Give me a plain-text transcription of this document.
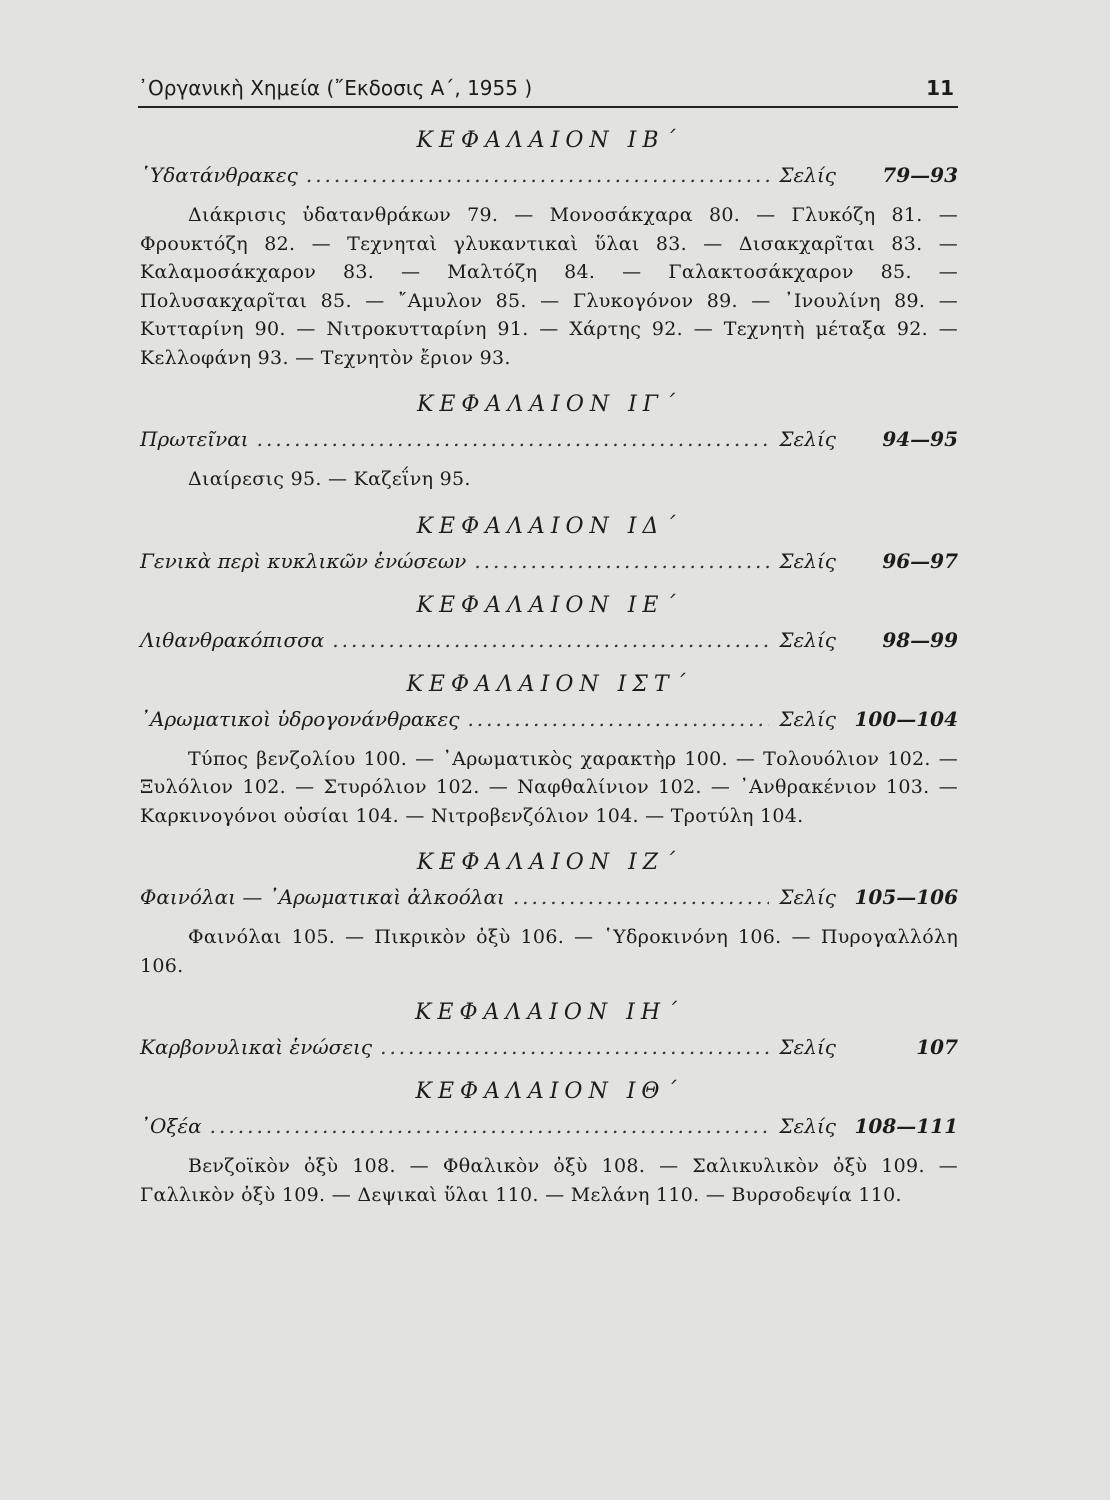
᾿Οργανικὴ Χημεία (῎Εκδοσις Α΄, 1955 )	11

ΚΕΦΑΛΑΙΟΝ ΙΒ΄

῾Υδατάνθρακες .....	Σελίς	79—93

Διάκρισις ὑδατανθράκων 79. — Μονοσάκχαρα 80. — Γλυκόζη 81. — Φρουκτόζη 82. — Τεχνηταὶ γλυκαντικαὶ ὕλαι 83. — Δισακχαρῖται 83. — Καλαμοσάκχαρον 83. — Μαλτόζη 84. — Γαλακτοσάκχαρον 85. — Πολυσακχαρῖται 85. — ῎Αμυλον 85. — Γλυκογόνον 89. — ᾿Ινουλίνη 89. — Κυτταρίνη 90. — Νιτροκυτταρίνη 91. — Χάρτης 92. — Τεχνητὴ μέταξα 92. — Κελλοφάνη 93. — Τεχνητὸν ἔριον 93.

ΚΕΦΑΛΑΙΟΝ ΙΓ΄

Πρωτεῖναι .....	Σελίς	94—95

Διαίρεσις 95. — Καζεΐνη 95.

ΚΕΦΑΛΑΙΟΝ ΙΔ΄

Γενικὰ περὶ κυκλικῶν ἑνώσεων .....	Σελίς	96—97

ΚΕΦΑΛΑΙΟΝ ΙΕ΄

Λιθανθρακόπισσα .....	Σελίς	98—99

ΚΕΦΑΛΑΙΟΝ ΙΣΤ΄

᾿Αρωματικοὶ ὑδρογονάνθρακες .....	Σελίς 100—104

Τύπος βενζολίου 100. — ᾿Αρωματικὸς χαρακτὴρ 100. — Τολουόλιον 102. — Ξυλόλιον 102. — Στυρόλιον 102. — Ναφθαλίνιον 102. — ᾿Ανθρακένιον 103. — Καρκινογόνοι οὐσίαι 104. — Νιτροβενζόλιον 104. — Τροτύλη 104.

ΚΕΦΑΛΑΙΟΝ ΙΖ΄

Φαινόλαι — ᾿Αρωματικαὶ ἀλκοόλαι .....	Σελίς 105—106

Φαινόλαι 105. — Πικρικὸν ὀξὺ 106. — ῾Υδροκινόνη 106. — Πυρογαλλόλη 106.

ΚΕΦΑΛΑΙΟΝ ΙΗ΄

Καρβονυλικαὶ ἑνώσεις .....	Σελίς	107

ΚΕΦΑΛΑΙΟΝ ΙΘ΄

᾿Οξέα .....	Σελίς 108—111

Βενζοϊκὸν ὀξὺ 108. — Φθαλικὸν ὀξὺ 108. — Σαλικυλικὸν ὀξὺ 109. — Γαλλικὸν ὀξὺ 109. — Δεψικαὶ ὕλαι 110. — Μελάνη 110. — Βυρσοδεψία 110.
